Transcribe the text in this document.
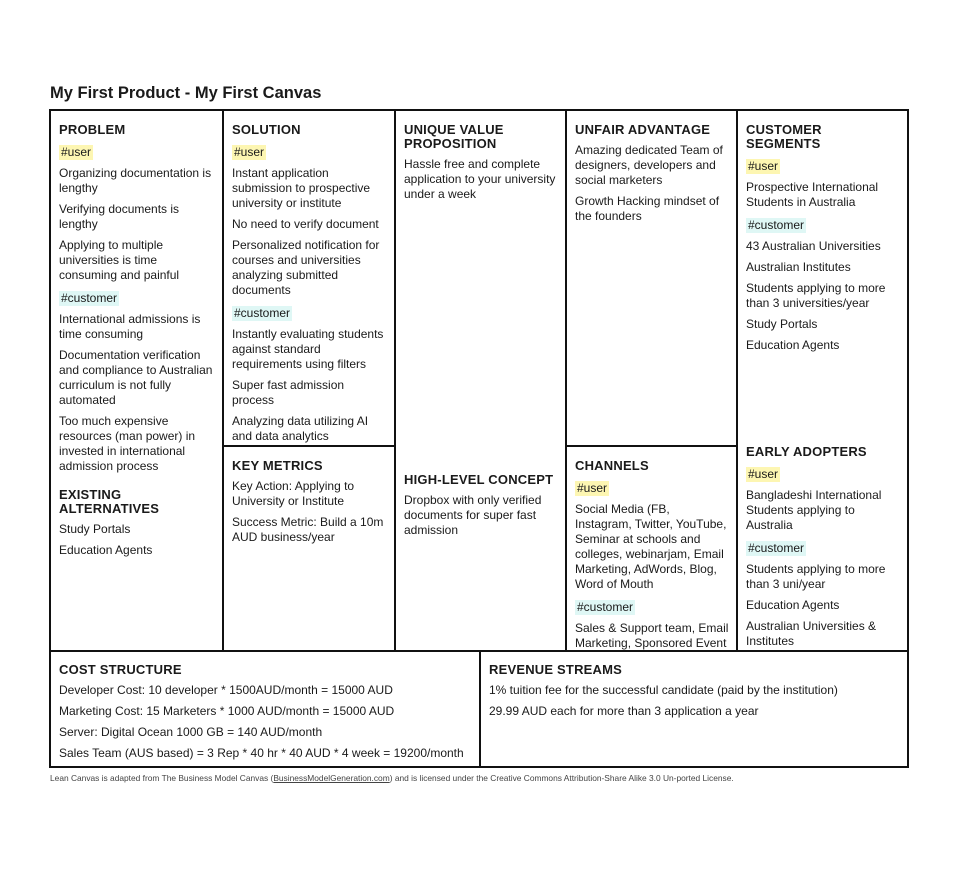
My First Product - My First Canvas
PROBLEM
#user
Organizing documentation is lengthy
Verifying documents is lengthy
Applying to multiple universities is time consuming and painful
#customer
International admissions is time consuming
Documentation verification and compliance to Australian curriculum is not fully automated
Too much expensive resources (man power) in invested in international admission process
EXISTING ALTERNATIVES
Study Portals
Education Agents
SOLUTION
#user
Instant application submission to prospective university or institute
No need to verify document
Personalized notification for courses and universities analyzing submitted documents
#customer
Instantly evaluating students against standard requirements using filters
Super fast admission process
Analyzing data utilizing AI and data analytics
KEY METRICS
Key Action: Applying to University or Institute
Success Metric: Build a 10m AUD business/year
UNIQUE VALUE PROPOSITION
Hassle free and complete application to your university under a week
HIGH-LEVEL CONCEPT
Dropbox with only verified documents for super fast admission
UNFAIR ADVANTAGE
Amazing dedicated Team of designers, developers and social marketers
Growth Hacking mindset of the founders
CHANNELS
#user
Social Media (FB, Instagram, Twitter, YouTube, Seminar at schools and colleges, webinarjam, Email Marketing, AdWords, Blog, Word of Mouth
#customer
Sales & Support team, Email Marketing, Sponsored Event
CUSTOMER SEGMENTS
#user
Prospective International Students in Australia
#customer
43 Australian Universities
Australian Institutes
Students applying to more than 3 universities/year
Study Portals
Education Agents
EARLY ADOPTERS
#user
Bangladeshi International Students applying to Australia
#customer
Students applying to more than 3 uni/year
Education Agents
Australian Universities & Institutes
COST STRUCTURE
Developer Cost: 10 developer * 1500AUD/month = 15000 AUD
Marketing Cost: 15 Marketers * 1000 AUD/month = 15000 AUD
Server: Digital Ocean 1000 GB = 140 AUD/month
Sales Team (AUS based) = 3 Rep * 40 hr * 40 AUD * 4 week = 19200/month
REVENUE STREAMS
1% tuition fee for the successful candidate (paid by the institution)
29.99 AUD each for more than 3 application a year
Lean Canvas is adapted from The Business Model Canvas (BusinessModelGeneration.com) and is licensed under the Creative Commons Attribution-Share Alike 3.0 Un-ported License.
